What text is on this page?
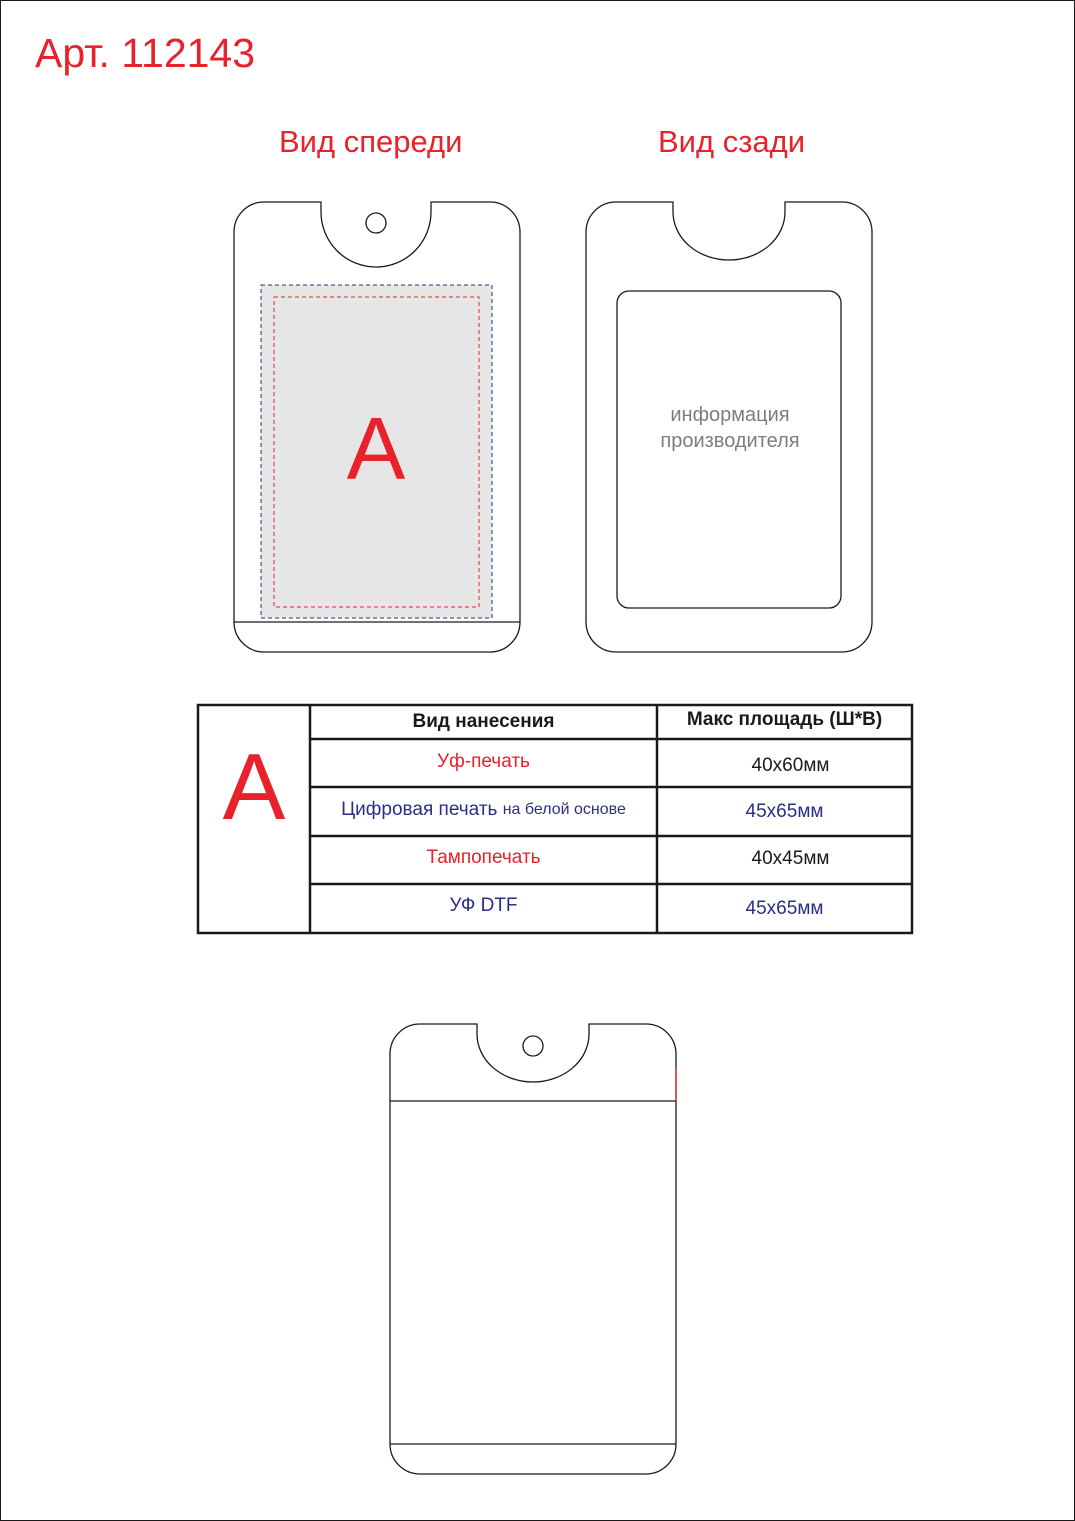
Арт. 112143
Вид спереди	Вид сзади
А	информация
производителя
А
Вид нанесения	Макс площадь (Ш*В)
Уф-печать	40х60мм
Цифровая печать
на белой основе	45х65мм
Тампопечать	40х45мм
УФ DTF	45х65мм
